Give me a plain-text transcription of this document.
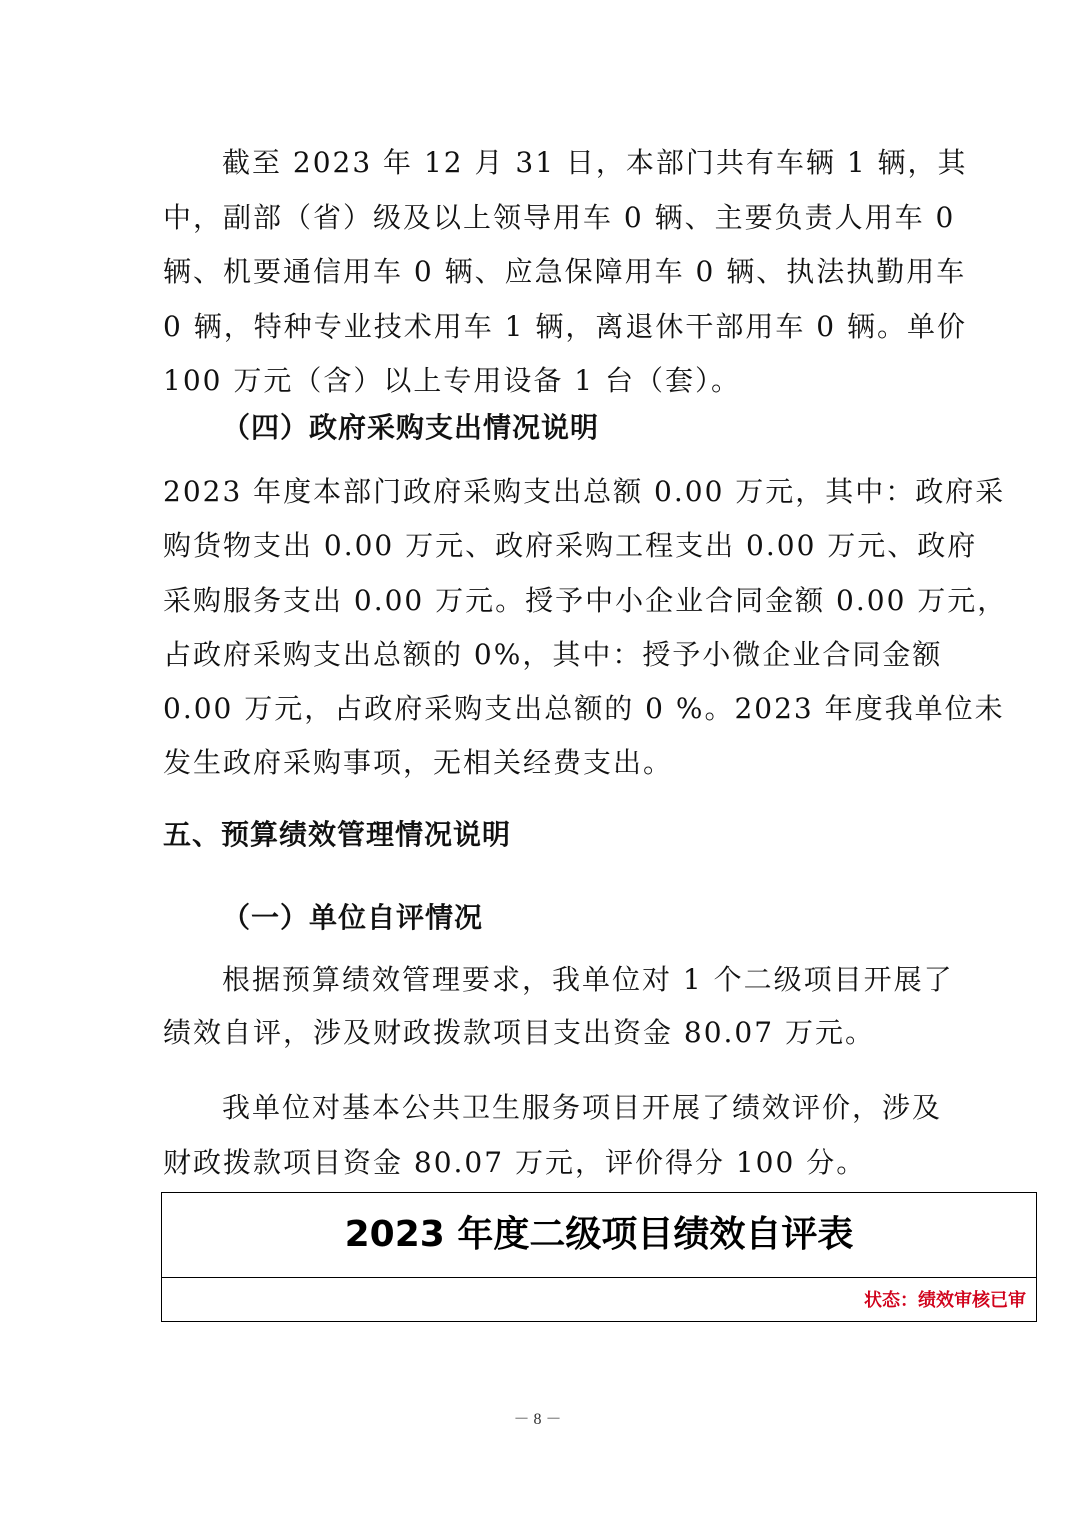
截至 2023 年 12 月 31 日，本部门共有车辆 1 辆，其
中，副部（省）级及以上领导用车 0 辆、主要负责人用车 0
辆、机要通信用车 0 辆、应急保障用车 0 辆、执法执勤用车
0 辆，特种专业技术用车 1 辆，离退休干部用车 0 辆。单价
100 万元（含）以上专用设备 1 台（套）。
（四）政府采购支出情况说明
2023 年度本部门政府采购支出总额 0.00 万元，其中：政府采
购货物支出 0.00 万元、政府采购工程支出 0.00 万元、政府
采购服务支出 0.00 万元。授予中小企业合同金额 0.00 万元，
占政府采购支出总额的 0%，其中：授予小微企业合同金额
0.00 万元，占政府采购支出总额的 0 %。2023 年度我单位未
发生政府采购事项，无相关经费支出。
五、预算绩效管理情况说明
（一）单位自评情况
根据预算绩效管理要求，我单位对 1 个二级项目开展了
绩效自评，涉及财政拨款项目支出资金 80.07 万元。
我单位对基本公共卫生服务项目开展了绩效评价，涉及
财政拨款项目资金 80.07 万元，评价得分 100 分。
2023 年度二级项目绩效自评表
状态：绩效审核已审
－ 8 －
